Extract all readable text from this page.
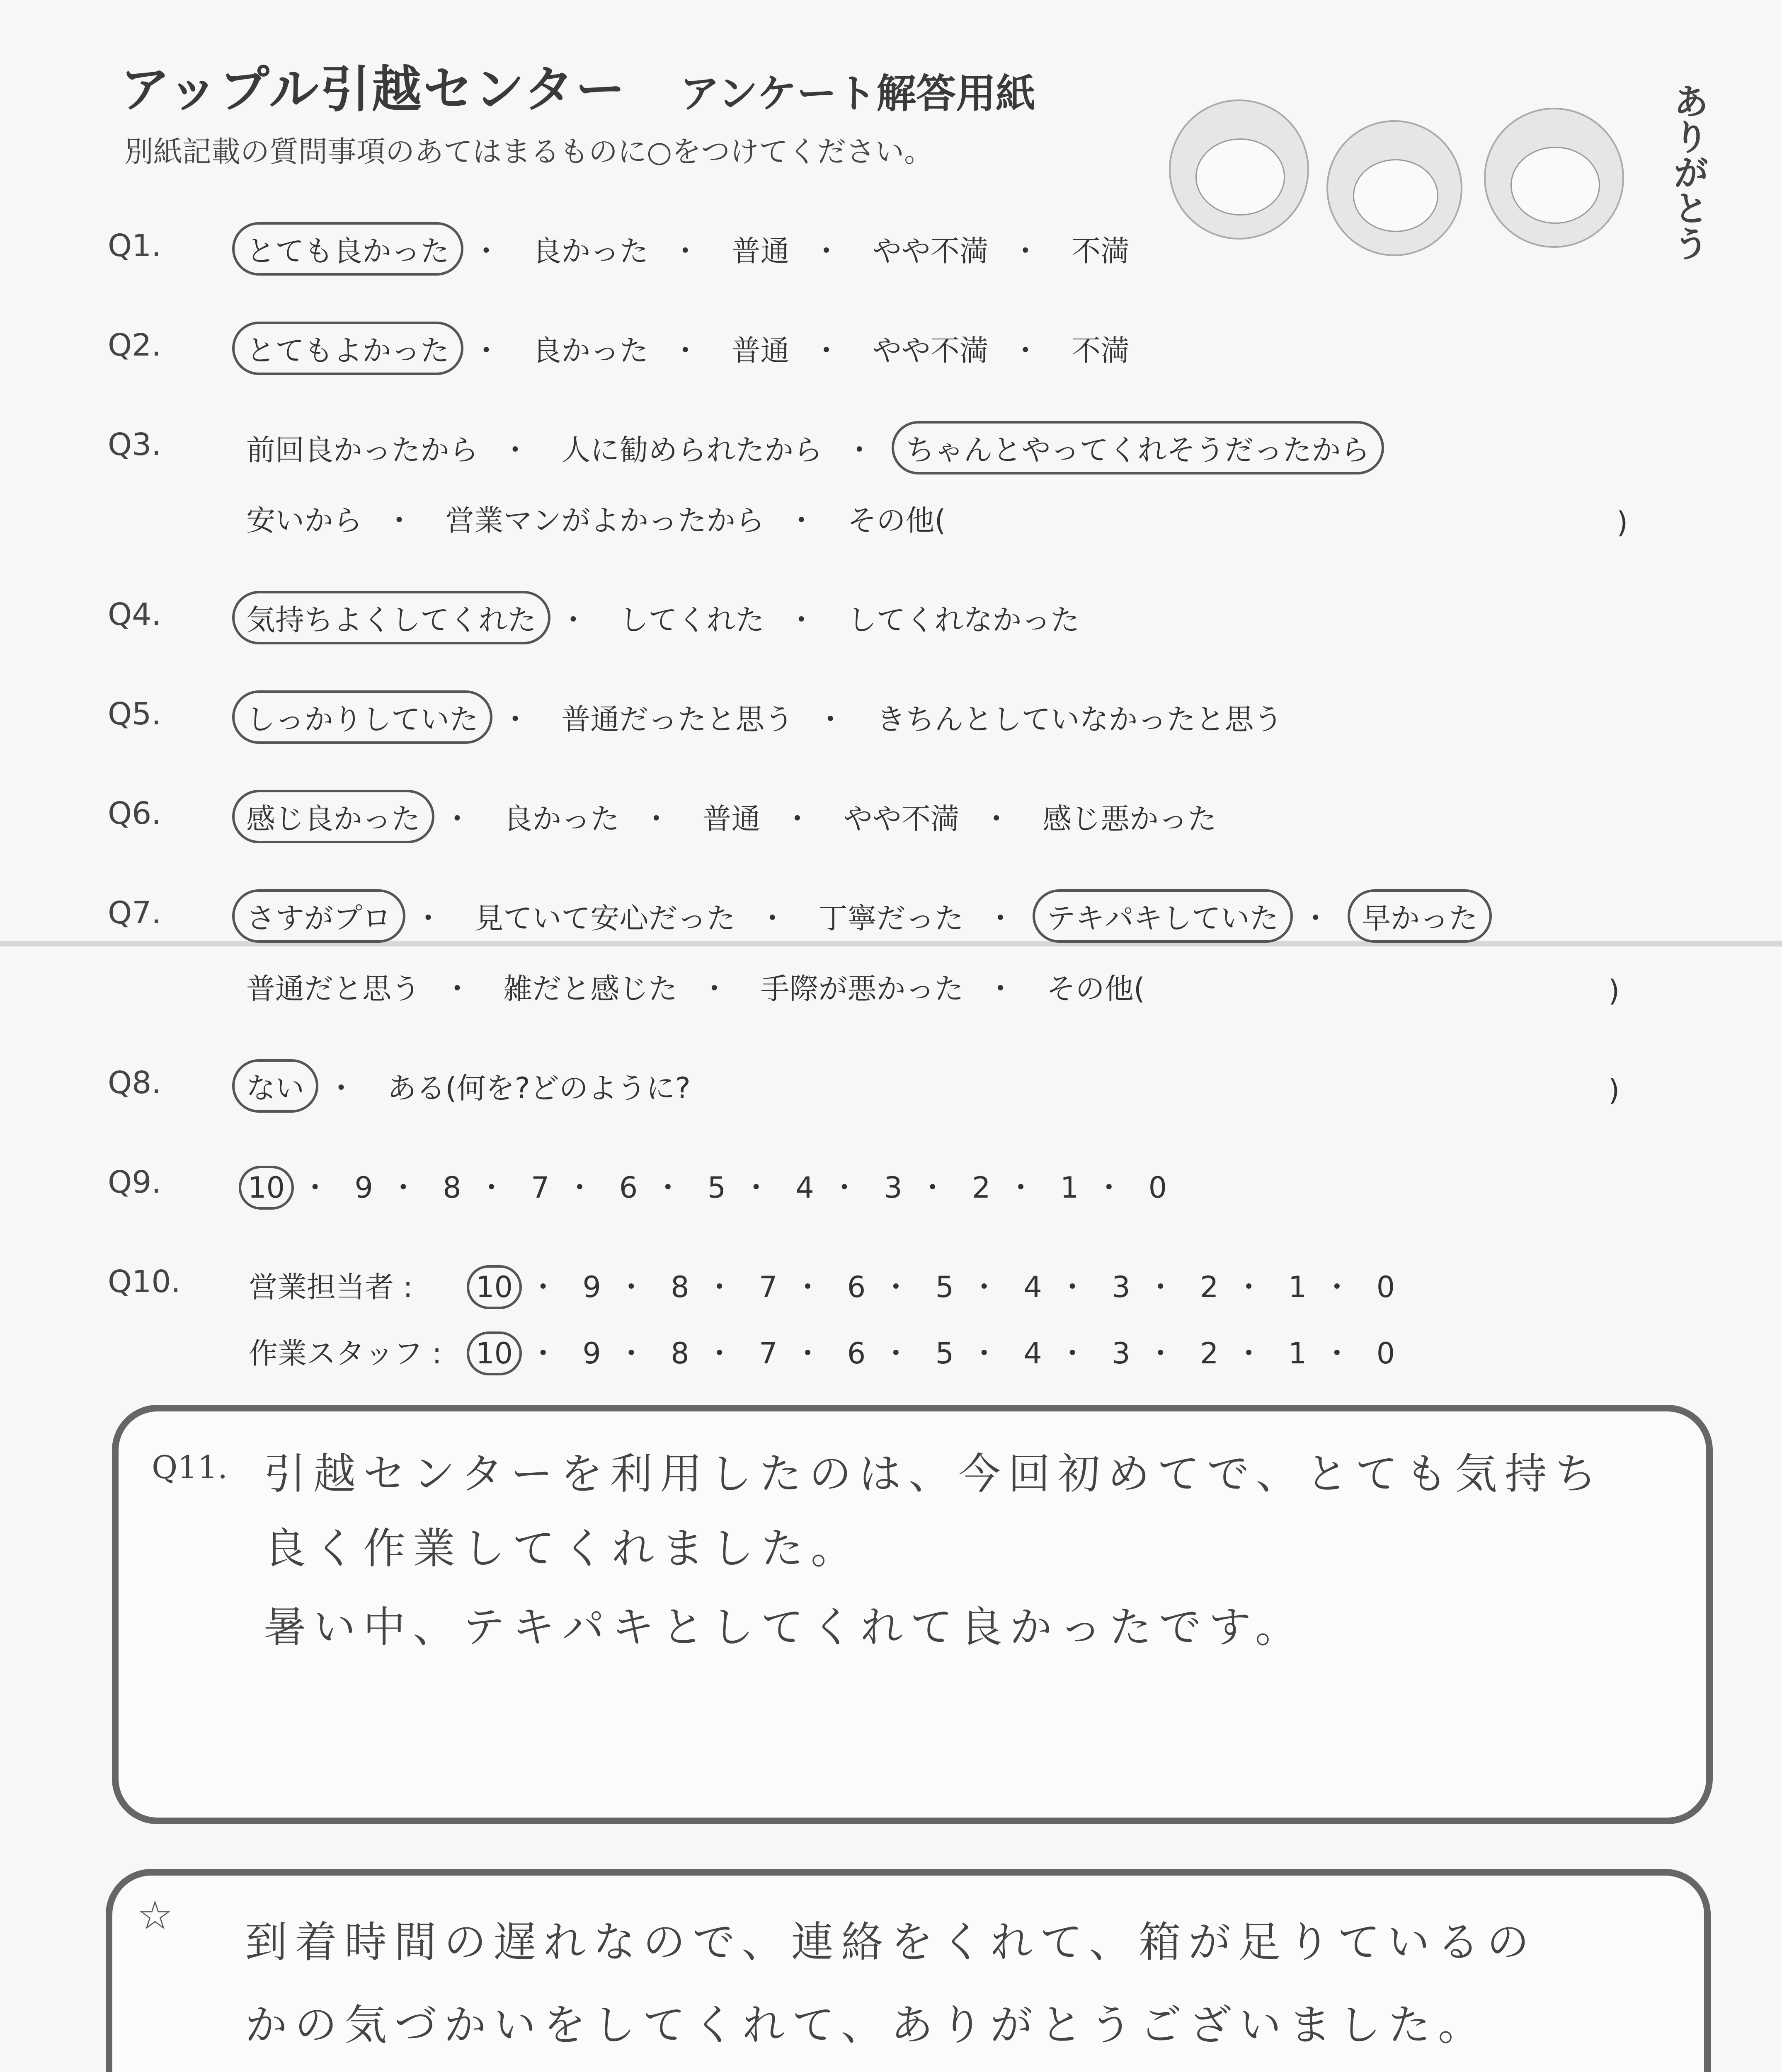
アップル引越センター アンケート解答用紙
別紙記載の質問事項のあてはまるものに○をつけてください。	ありがとう
Q1.	とても良かった ・ 良かった ・ 普通 ・ やや不満 ・ 不満
Q2.	とてもよかった ・ 良かった ・ 普通 ・ やや不満 ・ 不満
Q3.	前回良かったから ・ 人に勧められたから ・ ちゃんとやってくれそうだったから
安いから ・ 営業マンがよかったから ・ その他(	)
Q4.	気持ちよくしてくれた ・ してくれた ・ してくれなかった
Q5.	しっかりしていた ・ 普通だったと思う ・ きちんとしていなかったと思う
Q6.	感じ良かった ・ 良かった ・ 普通 ・ やや不満 ・ 感じ悪かった
Q7.	さすがプロ ・ 見ていて安心だった ・ 丁寧だった ・ テキパキしていた ・ 早かった
普通だと思う ・ 雑だと感じた ・ 手際が悪かった ・ その他(	)
Q8.	ない ・ ある(何を?どのように?	)
Q9.	10 ・ 9 ・ 8 ・ 7 ・ 6 ・ 5 ・ 4 ・ 3 ・ 2 ・ 1 ・ 0
Q10. 営業担当者 : 10 ・ 9 ・ 8 ・ 7 ・ 6 ・ 5 ・ 4 ・ 3 ・ 2 ・ 1 ・ 0
作業スタッフ : 10 ・ 9 ・ 8 ・ 7 ・ 6 ・ 5 ・ 4 ・ 3 ・ 2 ・ 1 ・ 0
Q11. 引越センターを利用したのは、今回初めてで、とても気持ち
良く作業してくれました。
暑い中、テキパキとしてくれて良かったです。
☆
到着時間の遅れなので、連絡をくれて、箱が足りているの
かの気づかいをしてくれて、ありがとうございました。
